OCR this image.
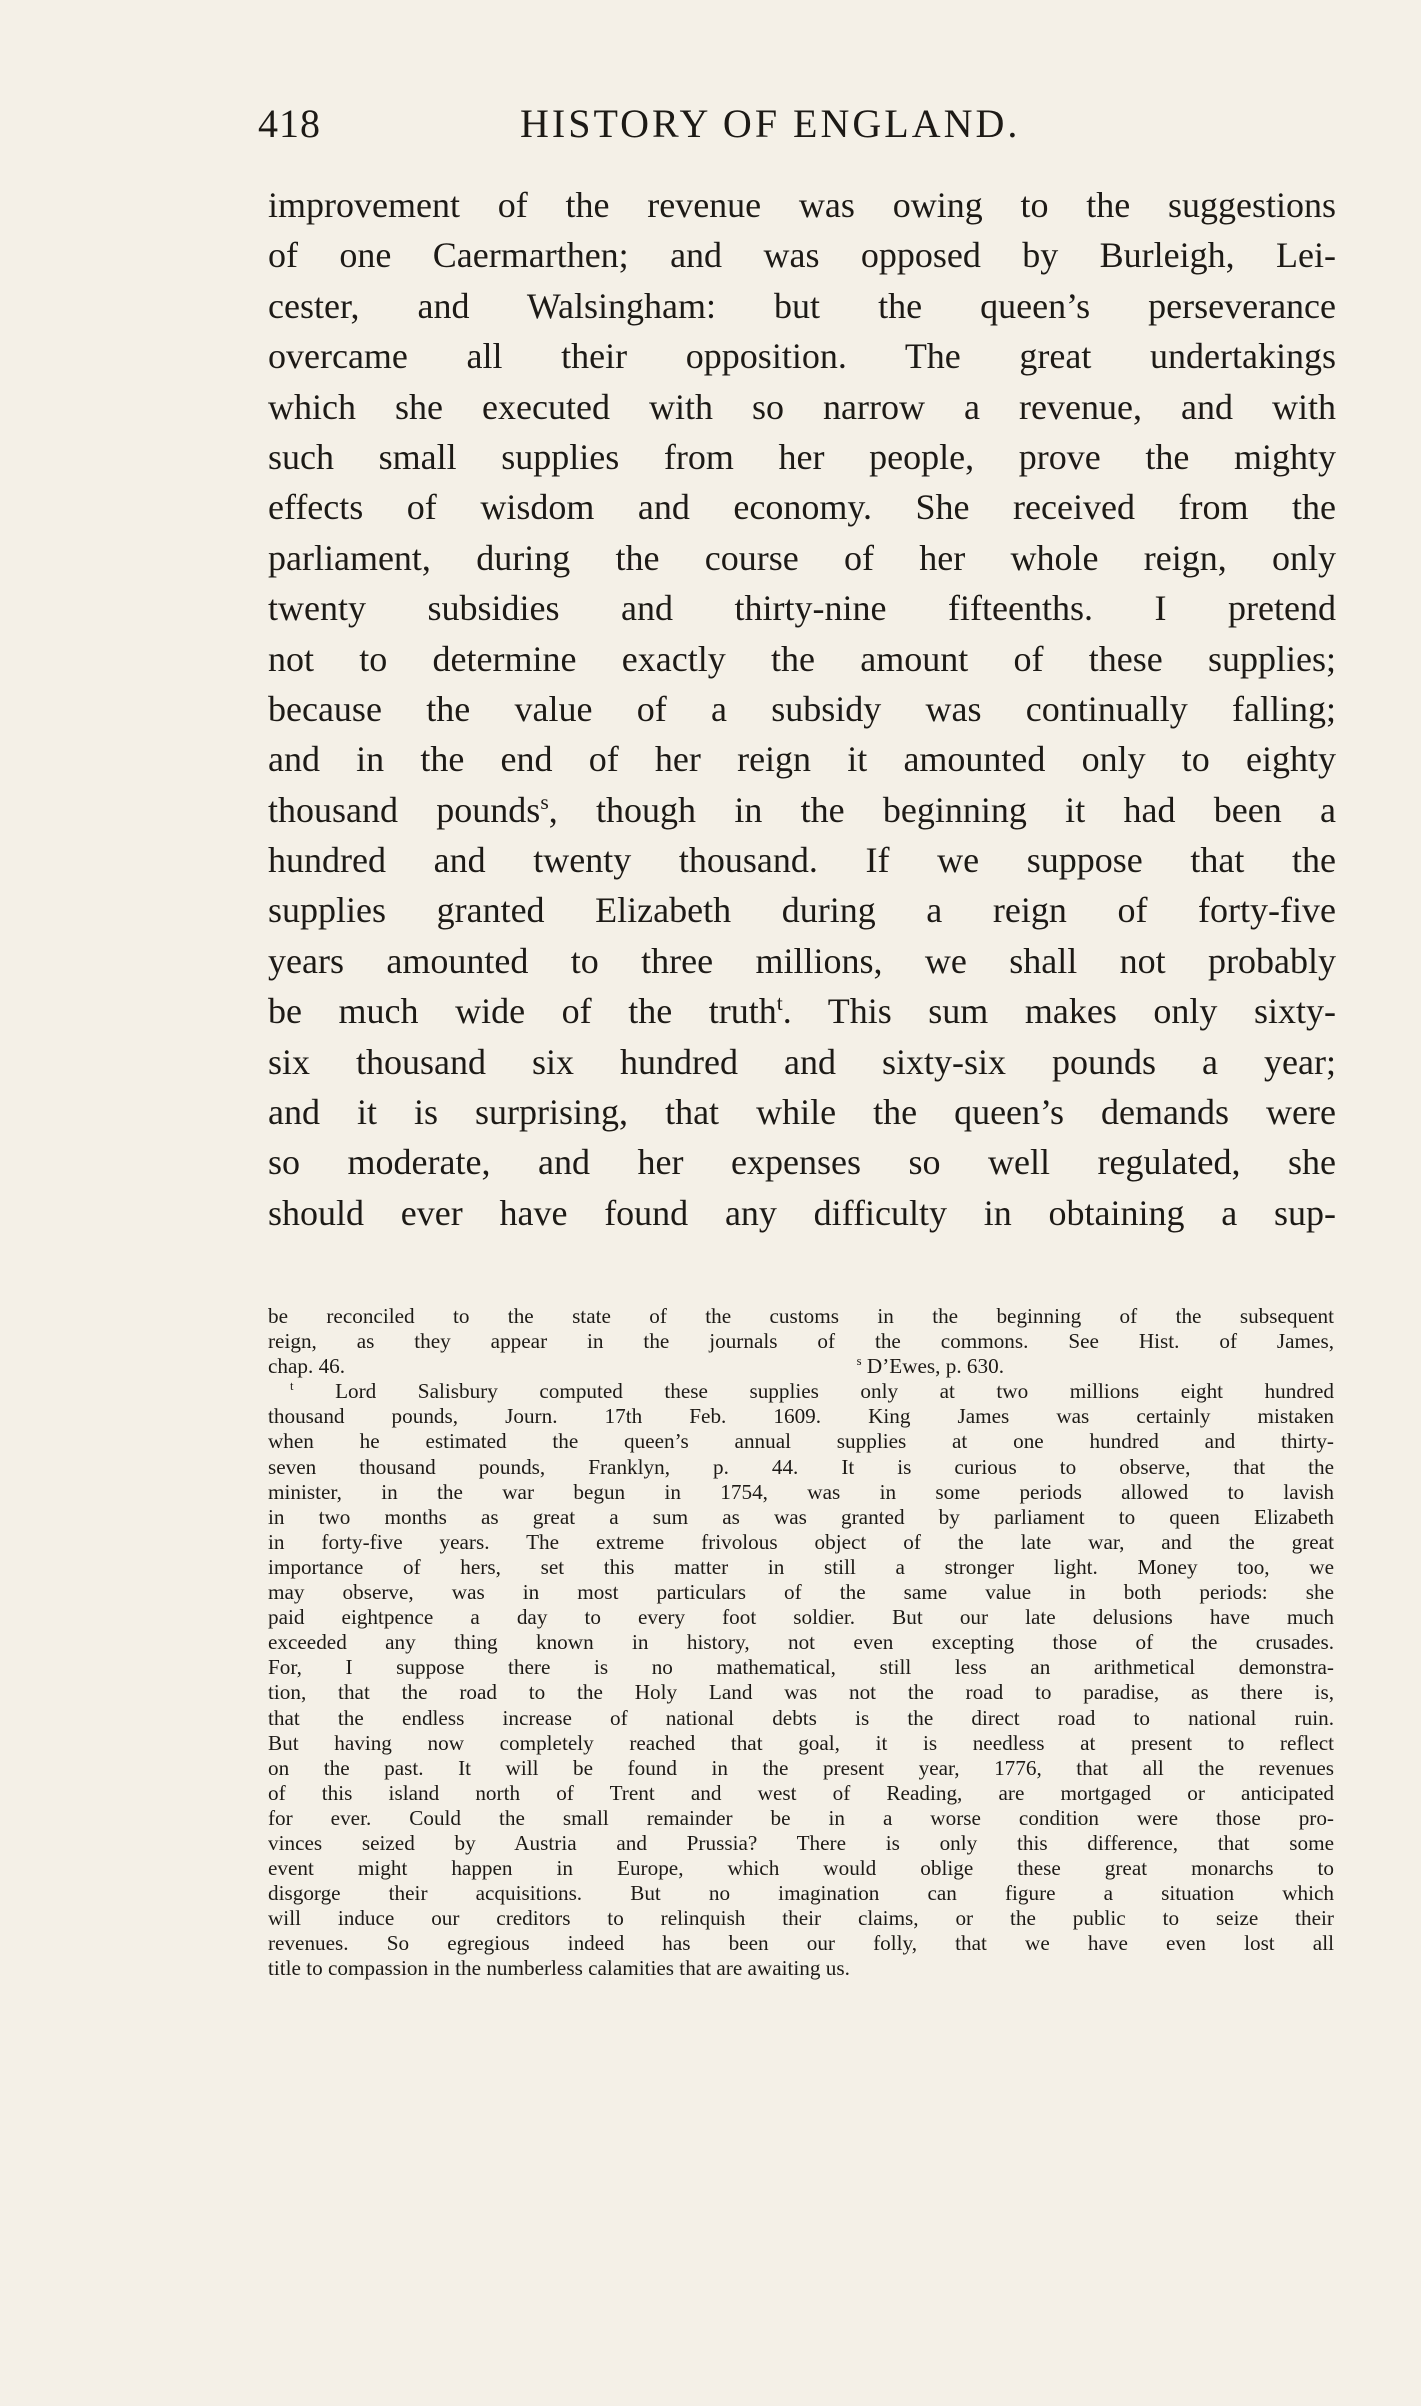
418	HISTORY OF ENGLAND.
improvement of the revenue was owing to the suggestions
of one Caermarthen; and was opposed by Burleigh, Lei-
cester, and Walsingham: but the queen’s perseverance
overcame all their opposition. The great undertakings
which she executed with so narrow a revenue, and with
such small supplies from her people, prove the mighty
effects of wisdom and economy. She received from the
parliament, during the course of her whole reign, only
twenty subsidies and thirty-nine fifteenths. I pretend
not to determine exactly the amount of these supplies;
because the value of a subsidy was continually falling;
and in the end of her reign it amounted only to eighty
thousand pounds$^s$, though in the beginning it had been a
hundred and twenty thousand. If we suppose that the
supplies granted Elizabeth during a reign of forty-five
years amounted to three millions, we shall not probably
be much wide of the truth$^t$. This sum makes only sixty-
six thousand six hundred and sixty-six pounds a year;
and it is surprising, that while the queen’s demands were
so moderate, and her expenses so well regulated, she
should ever have found any difficulty in obtaining a sup-
be reconciled to the state of the customs in the beginning of the subsequent
reign, as they appear in the journals of the commons. See Hist. of James,
chap. 46.	$^s$ D’Ewes, p. 630.
$^t$ Lord Salisbury computed these supplies only at two millions eight hundred
thousand pounds, Journ. 17th Feb. 1609. King James was certainly mistaken
when he estimated the queen’s annual supplies at one hundred and thirty-
seven thousand pounds, Franklyn, p. 44. It is curious to observe, that the
minister, in the war begun in 1754, was in some periods allowed to lavish
in two months as great a sum as was granted by parliament to queen Elizabeth
in forty-five years. The extreme frivolous object of the late war, and the great
importance of hers, set this matter in still a stronger light. Money too, we
may observe, was in most particulars of the same value in both periods: she
paid eightpence a day to every foot soldier. But our late delusions have much
exceeded any thing known in history, not even excepting those of the crusades.
For, I suppose there is no mathematical, still less an arithmetical demonstra-
tion, that the road to the Holy Land was not the road to paradise, as there is,
that the endless increase of national debts is the direct road to national ruin.
But having now completely reached that goal, it is needless at present to reflect
on the past. It will be found in the present year, 1776, that all the revenues
of this island north of Trent and west of Reading, are mortgaged or anticipated
for ever. Could the small remainder be in a worse condition were those pro-
vinces seized by Austria and Prussia? There is only this difference, that some
event might happen in Europe, which would oblige these great monarchs to
disgorge their acquisitions. But no imagination can figure a situation which
will induce our creditors to relinquish their claims, or the public to seize their
revenues. So egregious indeed has been our folly, that we have even lost all
title to compassion in the numberless calamities that are awaiting us.
